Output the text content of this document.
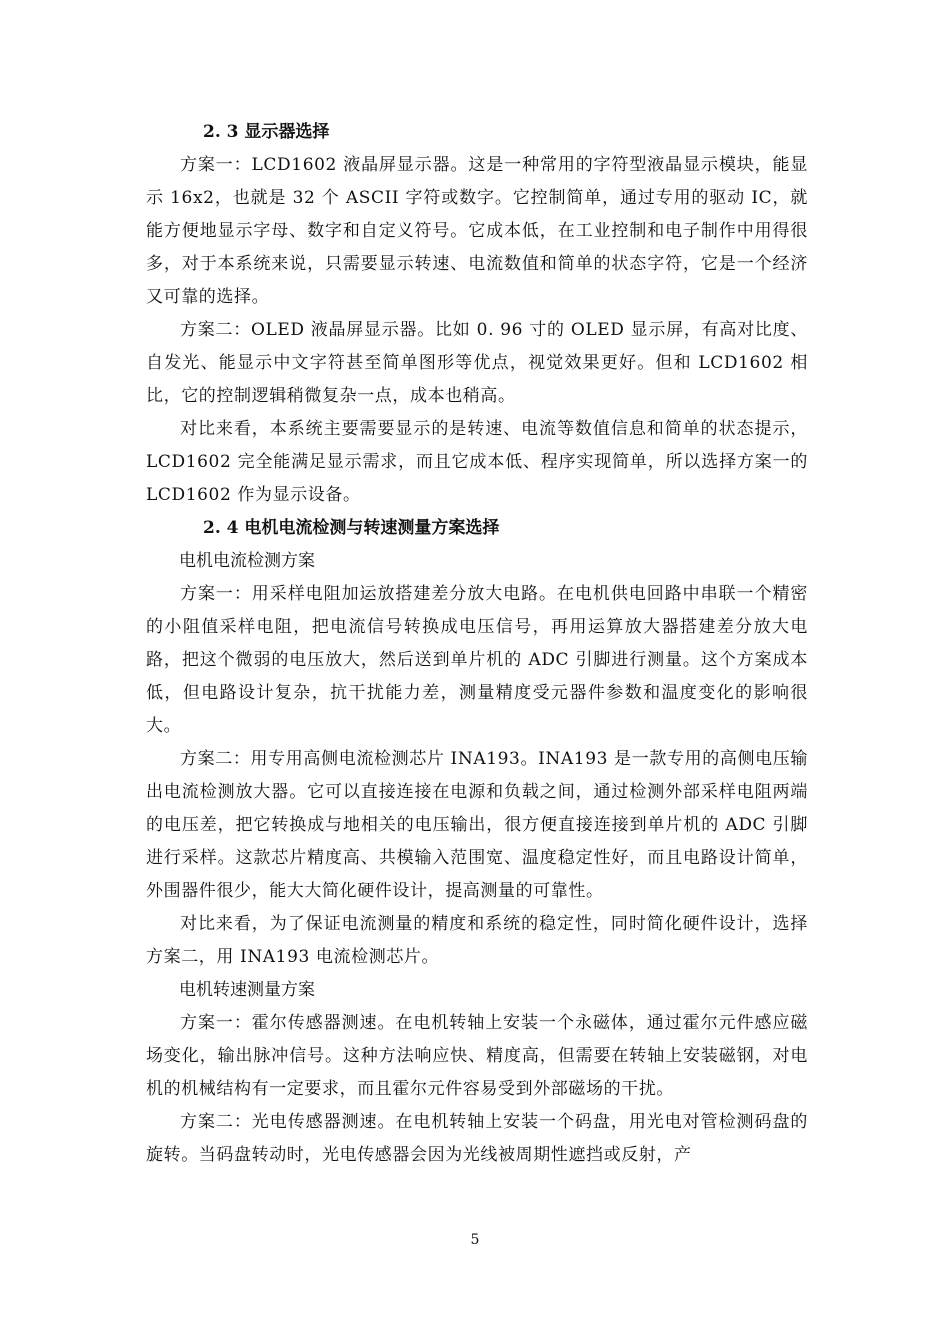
2. 3 显示器选择

方案一：LCD1602 液晶屏显示器。这是一种常用的字符型液晶显示模块，能显示 16x2，也就是 32 个 ASCII 字符或数字。它控制简单，通过专用的驱动 IC，就能方便地显示字母、数字和自定义符号。它成本低，在工业控制和电子制作中用得很多，对于本系统来说，只需要显示转速、电流数值和简单的状态字符，它是一个经济又可靠的选择。

方案二：OLED 液晶屏显示器。比如 0. 96 寸的 OLED 显示屏，有高对比度、自发光、能显示中文字符甚至简单图形等优点，视觉效果更好。但和 LCD1602 相比，它的控制逻辑稍微复杂一点，成本也稍高。

对比来看，本系统主要需要显示的是转速、电流等数值信息和简单的状态提示，LCD1602 完全能满足显示需求，而且它成本低、程序实现简单，所以选择方案一的 LCD1602 作为显示设备。

2. 4 电机电流检测与转速测量方案选择

电机电流检测方案

方案一：用采样电阻加运放搭建差分放大电路。在电机供电回路中串联一个精密的小阻值采样电阻，把电流信号转换成电压信号，再用运算放大器搭建差分放大电路，把这个微弱的电压放大，然后送到单片机的 ADC 引脚进行测量。这个方案成本低，但电路设计复杂，抗干扰能力差，测量精度受元器件参数和温度变化的影响很大。

方案二：用专用高侧电流检测芯片 INA193。INA193 是一款专用的高侧电压输出电流检测放大器。它可以直接连接在电源和负载之间，通过检测外部采样电阻两端的电压差，把它转换成与地相关的电压输出，很方便直接连接到单片机的 ADC 引脚进行采样。这款芯片精度高、共模输入范围宽、温度稳定性好，而且电路设计简单，外围器件很少，能大大简化硬件设计，提高测量的可靠性。

对比来看，为了保证电流测量的精度和系统的稳定性，同时简化硬件设计，选择方案二，用 INA193 电流检测芯片。

电机转速测量方案

方案一：霍尔传感器测速。在电机转轴上安装一个永磁体，通过霍尔元件感应磁场变化，输出脉冲信号。这种方法响应快、精度高，但需要在转轴上安装磁钢，对电机的机械结构有一定要求，而且霍尔元件容易受到外部磁场的干扰。

方案二：光电传感器测速。在电机转轴上安装一个码盘，用光电对管检测码盘的旋转。当码盘转动时，光电传感器会因为光线被周期性遮挡或反射，产

5
